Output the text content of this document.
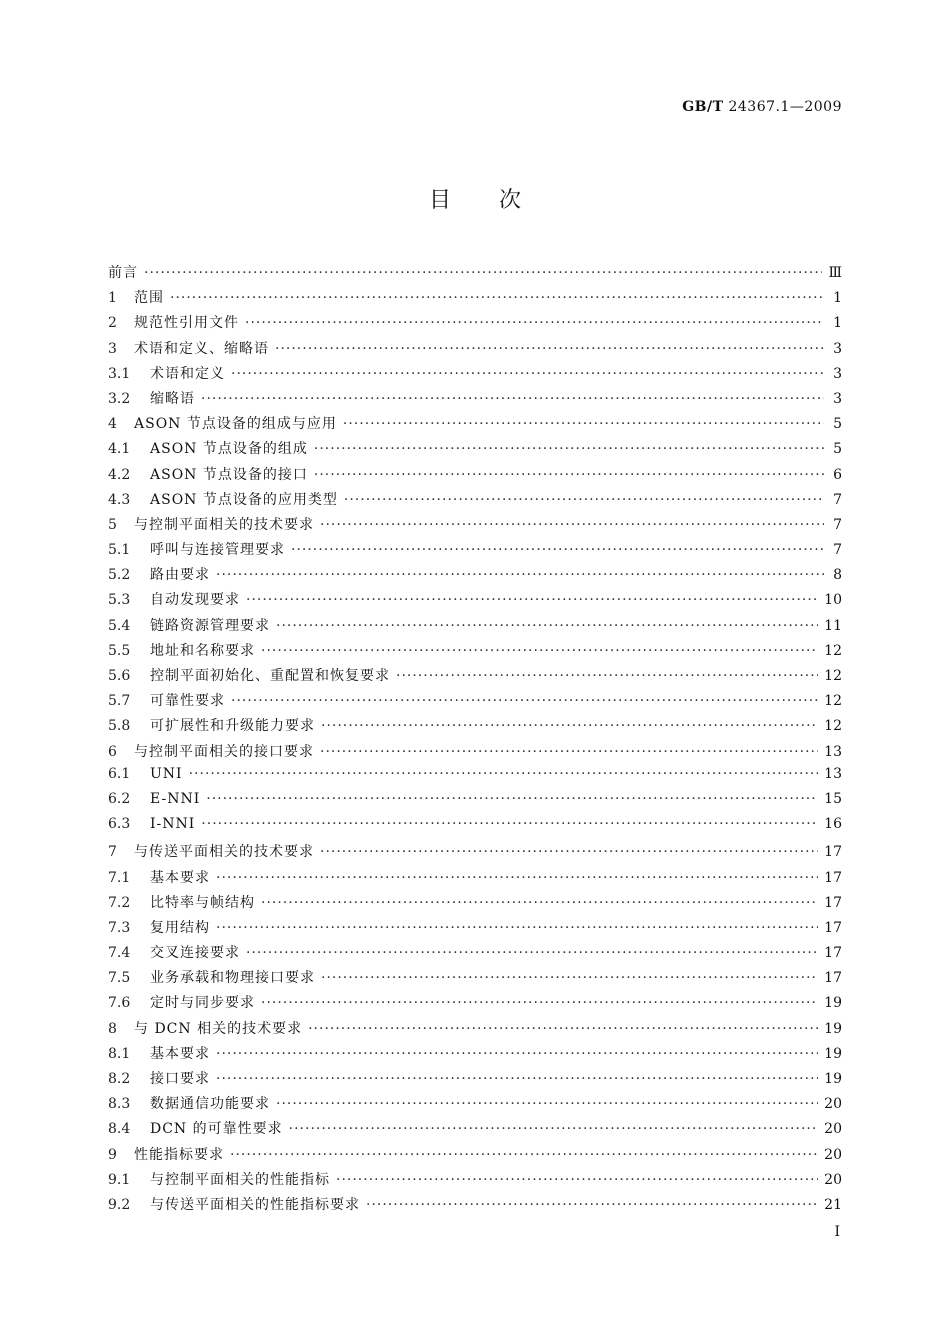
GB/T 24367.1—2009
目次
前言 ·····	Ⅲ
1	范围 ·····	1
2	规范性引用文件 ·····	1
3	术语和定义、缩略语 ·····	3
3.1	术语和定义 ·····	3
3.2	缩略语 ·····	3
4	ASON 节点设备的组成与应用 ·····	5
4.1	ASON 节点设备的组成 ·····	5
4.2	ASON 节点设备的接口 ·····	6
4.3	ASON 节点设备的应用类型 ·····	7
5	与控制平面相关的技术要求 ·····	7
5.1	呼叫与连接管理要求 ·····	7
5.2	路由要求 ·····	8
5.3	自动发现要求 ·····	10
5.4	链路资源管理要求 ·····	11
5.5	地址和名称要求 ·····	12
5.6	控制平面初始化、重配置和恢复要求 ·····	12
5.7	可靠性要求 ·····	12
5.8	可扩展性和升级能力要求 ·····	12
6	与控制平面相关的接口要求 ·····	13
6.1	UNI ·····	13
6.2	E-NNI ·····	15
6.3	I-NNI ·····	16
7	与传送平面相关的技术要求 ·····	17
7.1	基本要求 ·····	17
7.2	比特率与帧结构 ·····	17
7.3	复用结构 ·····	17
7.4	交叉连接要求 ·····	17
7.5	业务承载和物理接口要求 ·····	17
7.6	定时与同步要求 ·····	19
8	与 DCN 相关的技术要求 ·····	19
8.1	基本要求 ·····	19
8.2	接口要求 ·····	19
8.3	数据通信功能要求 ·····	20
8.4	DCN 的可靠性要求 ·····	20
9	性能指标要求 ·····	20
9.1	与控制平面相关的性能指标 ·····	20
9.2	与传送平面相关的性能指标要求 ·····	21
I
